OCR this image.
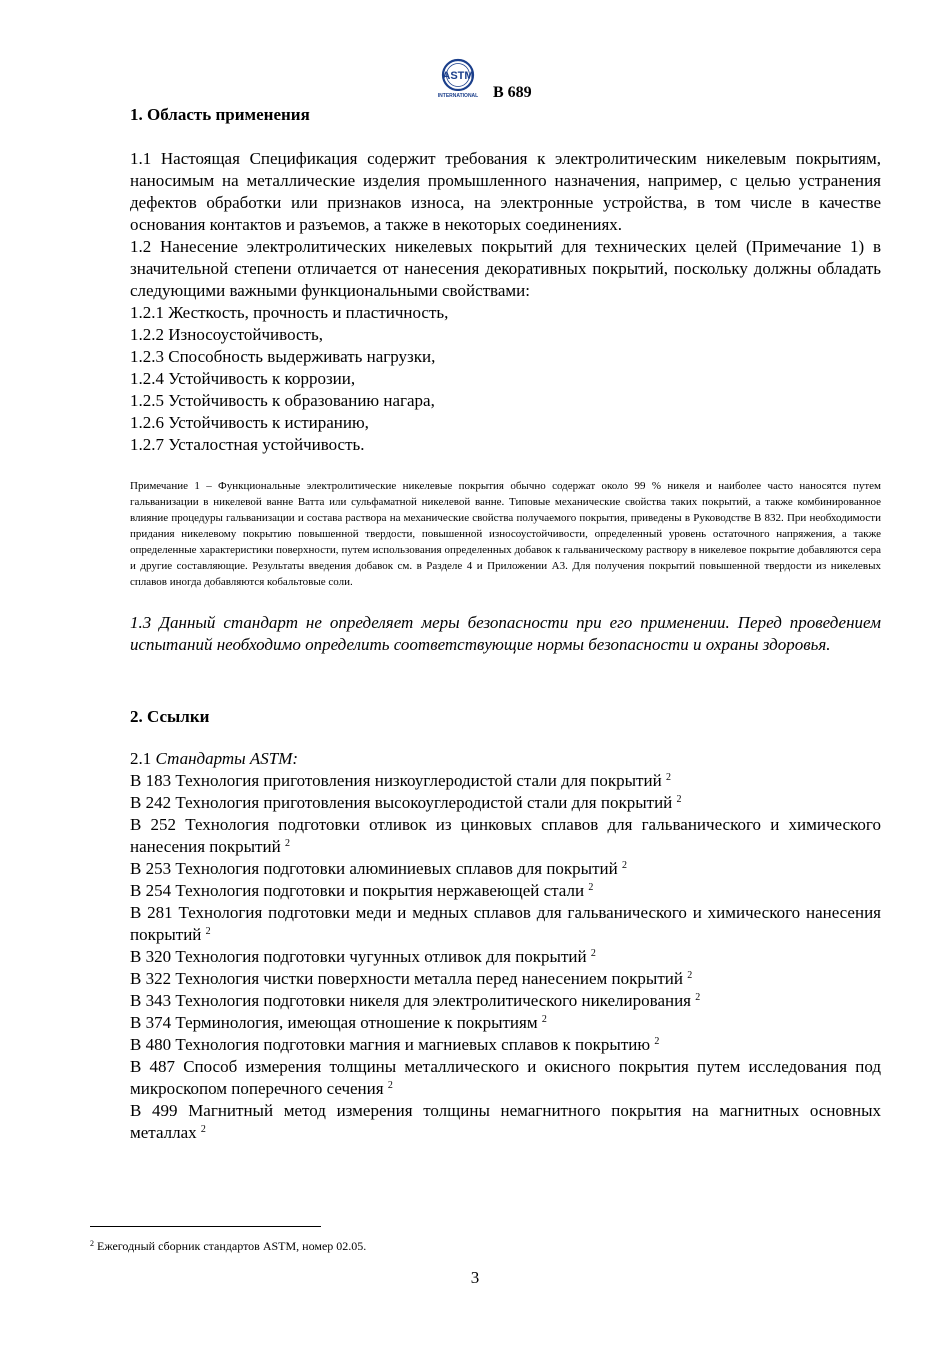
ASTM
INTERNATIONAL B 689
1. Область применения

1.1 Настоящая Спецификация содержит требования к электролитическим никелевым покрытиям, наносимым на металлические изделия промышленного назначения, например, с целью устранения дефектов обработки или признаков износа, на электронные устройства, в том числе в качестве основания контактов и разъемов, а также в некоторых соединениях.

1.2 Нанесение электролитических никелевых покрытий для технических целей (Примечание 1) в значительной степени отличается от нанесения декоративных покрытий, поскольку должны обладать следующими важными функциональными свойствами:

1.2.1 Жесткость, прочность и пластичность,

1.2.2 Износоустойчивость,

1.2.3 Способность выдерживать нагрузки,

1.2.4 Устойчивость к коррозии,

1.2.5 Устойчивость к образованию нагара,

1.2.6 Устойчивость к истиранию,

1.2.7 Усталостная устойчивость.

Примечание 1 – Функциональные электролитические никелевые покрытия обычно содержат около 99 % никеля и наиболее часто наносятся путем гальванизации в никелевой ванне Ватта или сульфаматной никелевой ванне. Типовые механические свойства таких покрытий, а также комбинированное влияние процедуры гальванизации и состава раствора на механические свойства получаемого покрытия, приведены в Руководстве В 832. При необходимости придания никелевому покрытию повышенной твердости, повышенной износоустойчивости, определенный уровень остаточного напряжения, а также определенные характеристики поверхности, путем использования определенных добавок к гальваническому раствору в никелевое покрытие добавляются сера и другие составляющие. Результаты введения добавок см. в Разделе 4 и Приложении А3. Для получения покрытий повышенной твердости из никелевых сплавов иногда добавляются кобальтовые соли.

1.3 Данный стандарт не определяет меры безопасности при его применении. Перед проведением испытаний необходимо определить соответствующие нормы безопасности и охраны здоровья.

2. Ссылки

2.1 Стандарты ASTM:

В 183 Технология приготовления низкоуглеродистой стали для покрытий $^2$

В 242 Технология приготовления высокоуглеродистой стали для покрытий $^2$

В 252 Технология подготовки отливок из цинковых сплавов для гальванического и химического нанесения покрытий $^2$

В 253 Технология подготовки алюминиевых сплавов для покрытий $^2$

В 254 Технология подготовки и покрытия нержавеющей стали $^2$

В 281 Технология подготовки меди и медных сплавов для гальванического и химического нанесения покрытий $^2$

В 320 Технология подготовки чугунных отливок для покрытий $^2$

В 322 Технология чистки поверхности металла перед нанесением покрытий $^2$

В 343 Технология подготовки никеля для электролитического никелирования $^2$

В 374 Терминология, имеющая отношение к покрытиям $^2$

В 480 Технология подготовки магния и магниевых сплавов к покрытию $^2$

В 487 Способ измерения толщины металлического и окисного покрытия путем исследования под микроскопом поперечного сечения $^2$

В 499 Магнитный метод измерения толщины немагнитного покрытия на магнитных основных металлах $^2$

$^2$ Ежегодный сборник стандартов ASTM, номер 02.05.
3
